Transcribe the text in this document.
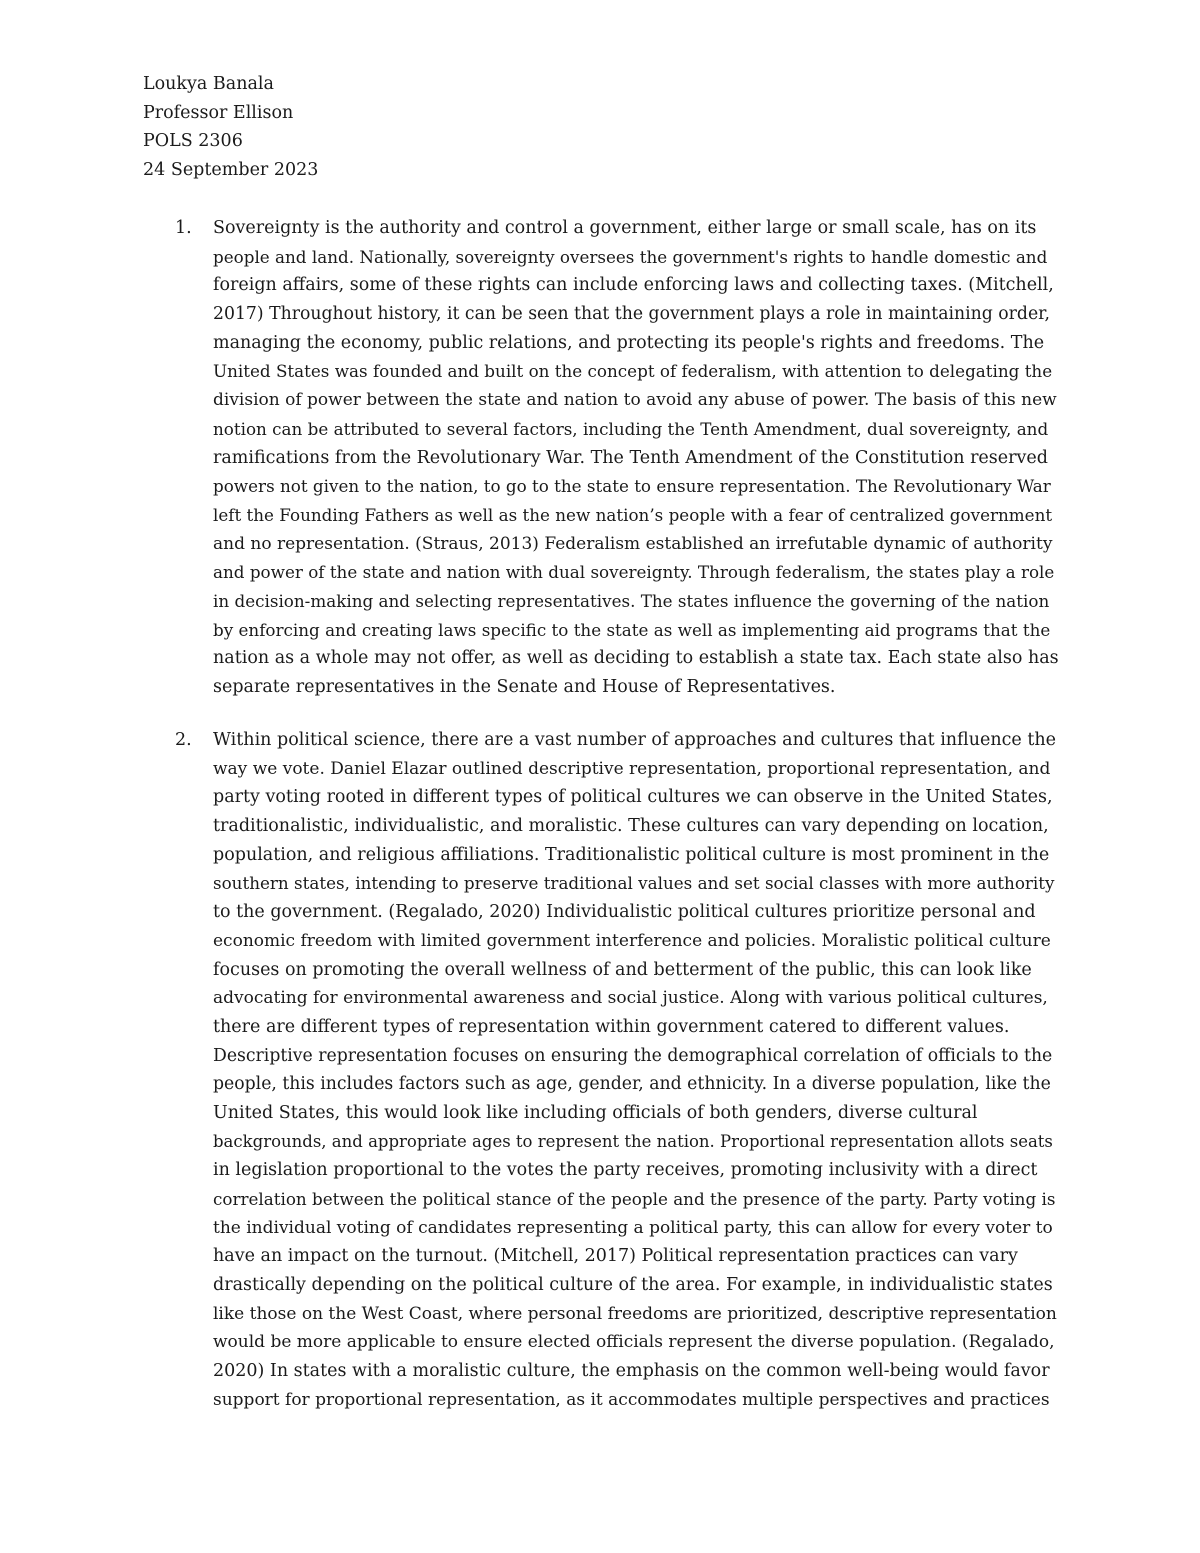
Loukya Banala
Professor Ellison
POLS 2306
24 September 2023
1.	Sovereignty is the authority and control a government, either large or small scale, has on its
people and land. Nationally, sovereignty oversees the government's rights to handle domestic and
foreign affairs, some of these rights can include enforcing laws and collecting taxes. (Mitchell,
2017) Throughout history, it can be seen that the government plays a role in maintaining order,
managing the economy, public relations, and protecting its people's rights and freedoms. The
United States was founded and built on the concept of federalism, with attention to delegating the
division of power between the state and nation to avoid any abuse of power. The basis of this new
notion can be attributed to several factors, including the Tenth Amendment, dual sovereignty, and
ramifications from the Revolutionary War. The Tenth Amendment of the Constitution reserved
powers not given to the nation, to go to the state to ensure representation. The Revolutionary War
left the Founding Fathers as well as the new nation’s people with a fear of centralized government
and no representation. (Straus, 2013) Federalism established an irrefutable dynamic of authority
and power of the state and nation with dual sovereignty. Through federalism, the states play a role
in decision-making and selecting representatives. The states influence the governing of the nation
by enforcing and creating laws specific to the state as well as implementing aid programs that the
nation as a whole may not offer, as well as deciding to establish a state tax. Each state also has
separate representatives in the Senate and House of Representatives.
2.	Within political science, there are a vast number of approaches and cultures that influence the
way we vote. Daniel Elazar outlined descriptive representation, proportional representation, and
party voting rooted in different types of political cultures we can observe in the United States,
traditionalistic, individualistic, and moralistic. These cultures can vary depending on location,
population, and religious affiliations. Traditionalistic political culture is most prominent in the
southern states, intending to preserve traditional values and set social classes with more authority
to the government. (Regalado, 2020) Individualistic political cultures prioritize personal and
economic freedom with limited government interference and policies. Moralistic political culture
focuses on promoting the overall wellness of and betterment of the public, this can look like
advocating for environmental awareness and social justice. Along with various political cultures,
there are different types of representation within government catered to different values.
Descriptive representation focuses on ensuring the demographical correlation of officials to the
people, this includes factors such as age, gender, and ethnicity. In a diverse population, like the
United States, this would look like including officials of both genders, diverse cultural
backgrounds, and appropriate ages to represent the nation. Proportional representation allots seats
in legislation proportional to the votes the party receives, promoting inclusivity with a direct
correlation between the political stance of the people and the presence of the party. Party voting is
the individual voting of candidates representing a political party, this can allow for every voter to
have an impact on the turnout. (Mitchell, 2017) Political representation practices can vary
drastically depending on the political culture of the area. For example, in individualistic states
like those on the West Coast, where personal freedoms are prioritized, descriptive representation
would be more applicable to ensure elected officials represent the diverse population. (Regalado,
2020) In states with a moralistic culture, the emphasis on the common well-being would favor
support for proportional representation, as it accommodates multiple perspectives and practices
